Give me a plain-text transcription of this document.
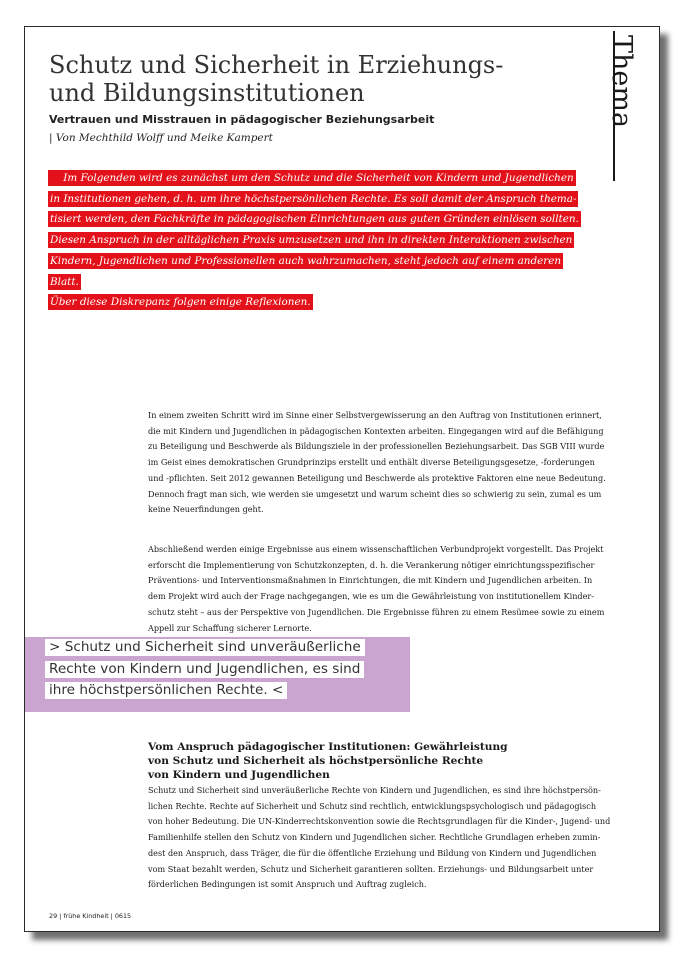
Schutz und Sicherheit in Erziehungs-
und Bildungsinstitutionen

Vertrauen und Misstrauen in pädagogischer Beziehungsarbeit

| Von Mechthild Wolff und Meike Kampert

Thema
Im Folgenden wird es zunächst um den Schutz und die Sicherheit von Kindern und Jugendlichen
in Institutionen gehen, d. h. um ihre höchstpersönlichen Rechte. Es soll damit der Anspruch thema-
tisiert werden, den Fachkräfte in pädagogischen Einrichtungen aus guten Gründen einlösen sollten.
Diesen Anspruch in der alltäglichen Praxis umzusetzen und ihn in direkten Interaktionen zwischen
Kindern, Jugendlichen und Professionellen auch wahrzumachen, steht jedoch auf einem anderen Blatt.
Über diese Diskrepanz folgen einige Reflexionen.

In einem zweiten Schritt wird im Sinne einer Selbstvergewisserung an den Auftrag von Institutionen erinnert,
die mit Kindern und Jugendlichen in pädagogischen Kontexten arbeiten. Eingegangen wird auf die Befähigung
zu Beteiligung und Beschwerde als Bildungsziele in der professionellen Beziehungsarbeit. Das SGB VIII wurde
im Geist eines demokratischen Grundprinzips erstellt und enthält diverse Beteiligungsgesetze, -forderungen
und -pflichten. Seit 2012 gewannen Beteiligung und Beschwerde als protektive Faktoren eine neue Bedeutung.
Dennoch fragt man sich, wie werden sie umgesetzt und warum scheint dies so schwierig zu sein, zumal es um
keine Neuerfindungen geht.

Abschließend werden einige Ergebnisse aus einem wissenschaftlichen Verbundprojekt vorgestellt. Das Projekt
erforscht die Implementierung von Schutzkonzepten, d. h. die Verankerung nötiger einrichtungsspezifischer
Präventions- und Interventionsmaßnahmen in Einrichtungen, die mit Kindern und Jugendlichen arbeiten. In
dem Projekt wird auch der Frage nachgegangen, wie es um die Gewährleistung von institutionellem Kinder-
schutz steht – aus der Perspektive von Jugendlichen. Die Ergebnisse führen zu einem Resümee sowie zu einem
Appell zur Schaffung sicherer Lernorte.

> Schutz und Sicherheit sind unveräußerliche
Rechte von Kindern und Jugendlichen, es sind
ihre höchstpersönlichen Rechte. <
Vom Anspruch pädagogischer Institutionen: Gewährleistung
von Schutz und Sicherheit als höchstpersönliche Rechte
von Kindern und Jugendlichen

Schutz und Sicherheit sind unveräußerliche Rechte von Kindern und Jugendlichen, es sind ihre höchstpersön-
lichen Rechte. Rechte auf Sicherheit und Schutz sind rechtlich, entwicklungspsychologisch und pädagogisch
von hoher Bedeutung. Die UN-Kinderrechtskonvention sowie die Rechtsgrundlagen für die Kinder-, Jugend- und
Familienhilfe stellen den Schutz von Kindern und Jugendlichen sicher. Rechtliche Grundlagen erheben zumin-
dest den Anspruch, dass Träger, die für die öffentliche Erziehung und Bildung von Kindern und Jugendlichen
vom Staat bezahlt werden, Schutz und Sicherheit garantieren sollten. Erziehungs- und Bildungsarbeit unter
förderlichen Bedingungen ist somit Anspruch und Auftrag zugleich.

29 | frühe Kindheit | 0615
